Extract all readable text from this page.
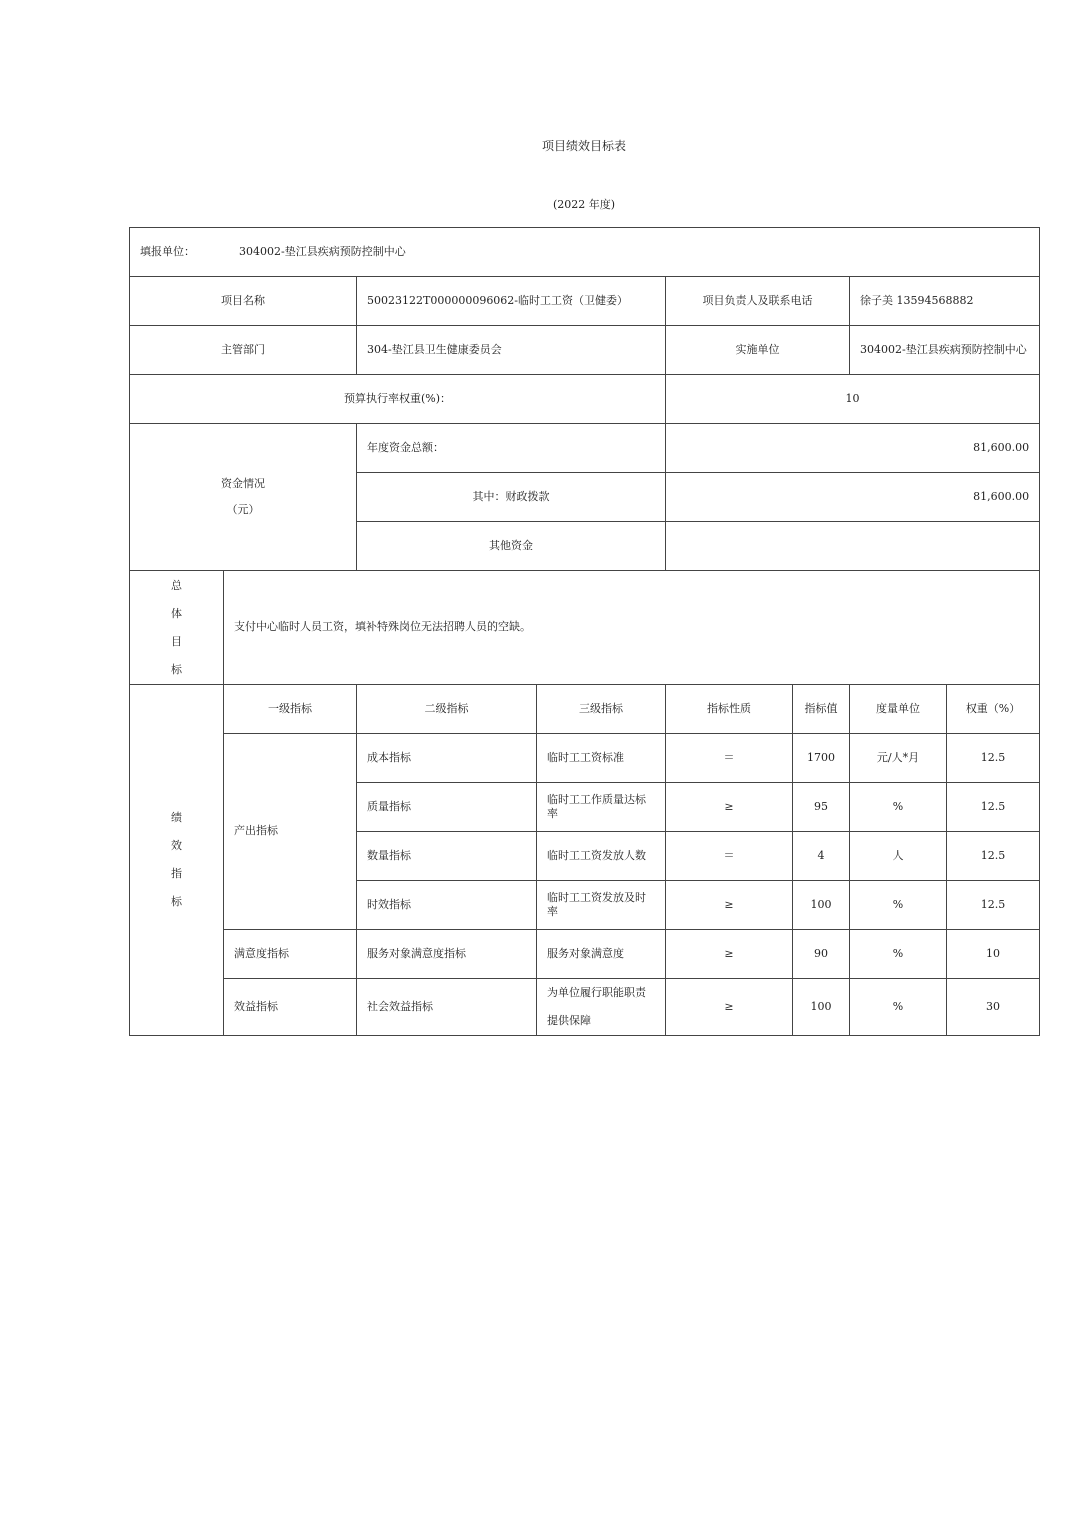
项目绩效目标表
(2022 年度)
填报单位： 304002-垫江县疾病预防控制中心							
项目名称		50023122T000000096062-临时工工资（卫健委）		项目负责人及联系电话		徐子美 13594568882	
主管部门		304-垫江县卫生健康委员会		实施单位		304002-垫江县疾病预防控制中心	
预算执行率权重(%)：				10			

资金情况
（元）		年度资金总额：		81,600.00			
		其中：财政拨款		81,600.00			
		其他资金					

总
体
目
标	支付中心临时人员工资，填补特殊岗位无法招聘人员的空缺。						

绩
效
指
标	一级指标	二级指标	三级指标	指标性质	指标值	度量单位	权重（%）
	产出指标	成本指标	临时工工资标准	＝	1700	元/人*月	12.5
		质量指标	临时工工作质量达标率	≥	95	%	12.5
		数量指标	临时工工资发放人数	＝	4	人	12.5
		时效指标	临时工工资发放及时率	≥	100	%	12.5
	满意度指标	服务对象满意度指标	服务对象满意度	≥	90	%	10
	效益指标	社会效益指标	为单位履行职能职责提供保障	≥	100	%	30
